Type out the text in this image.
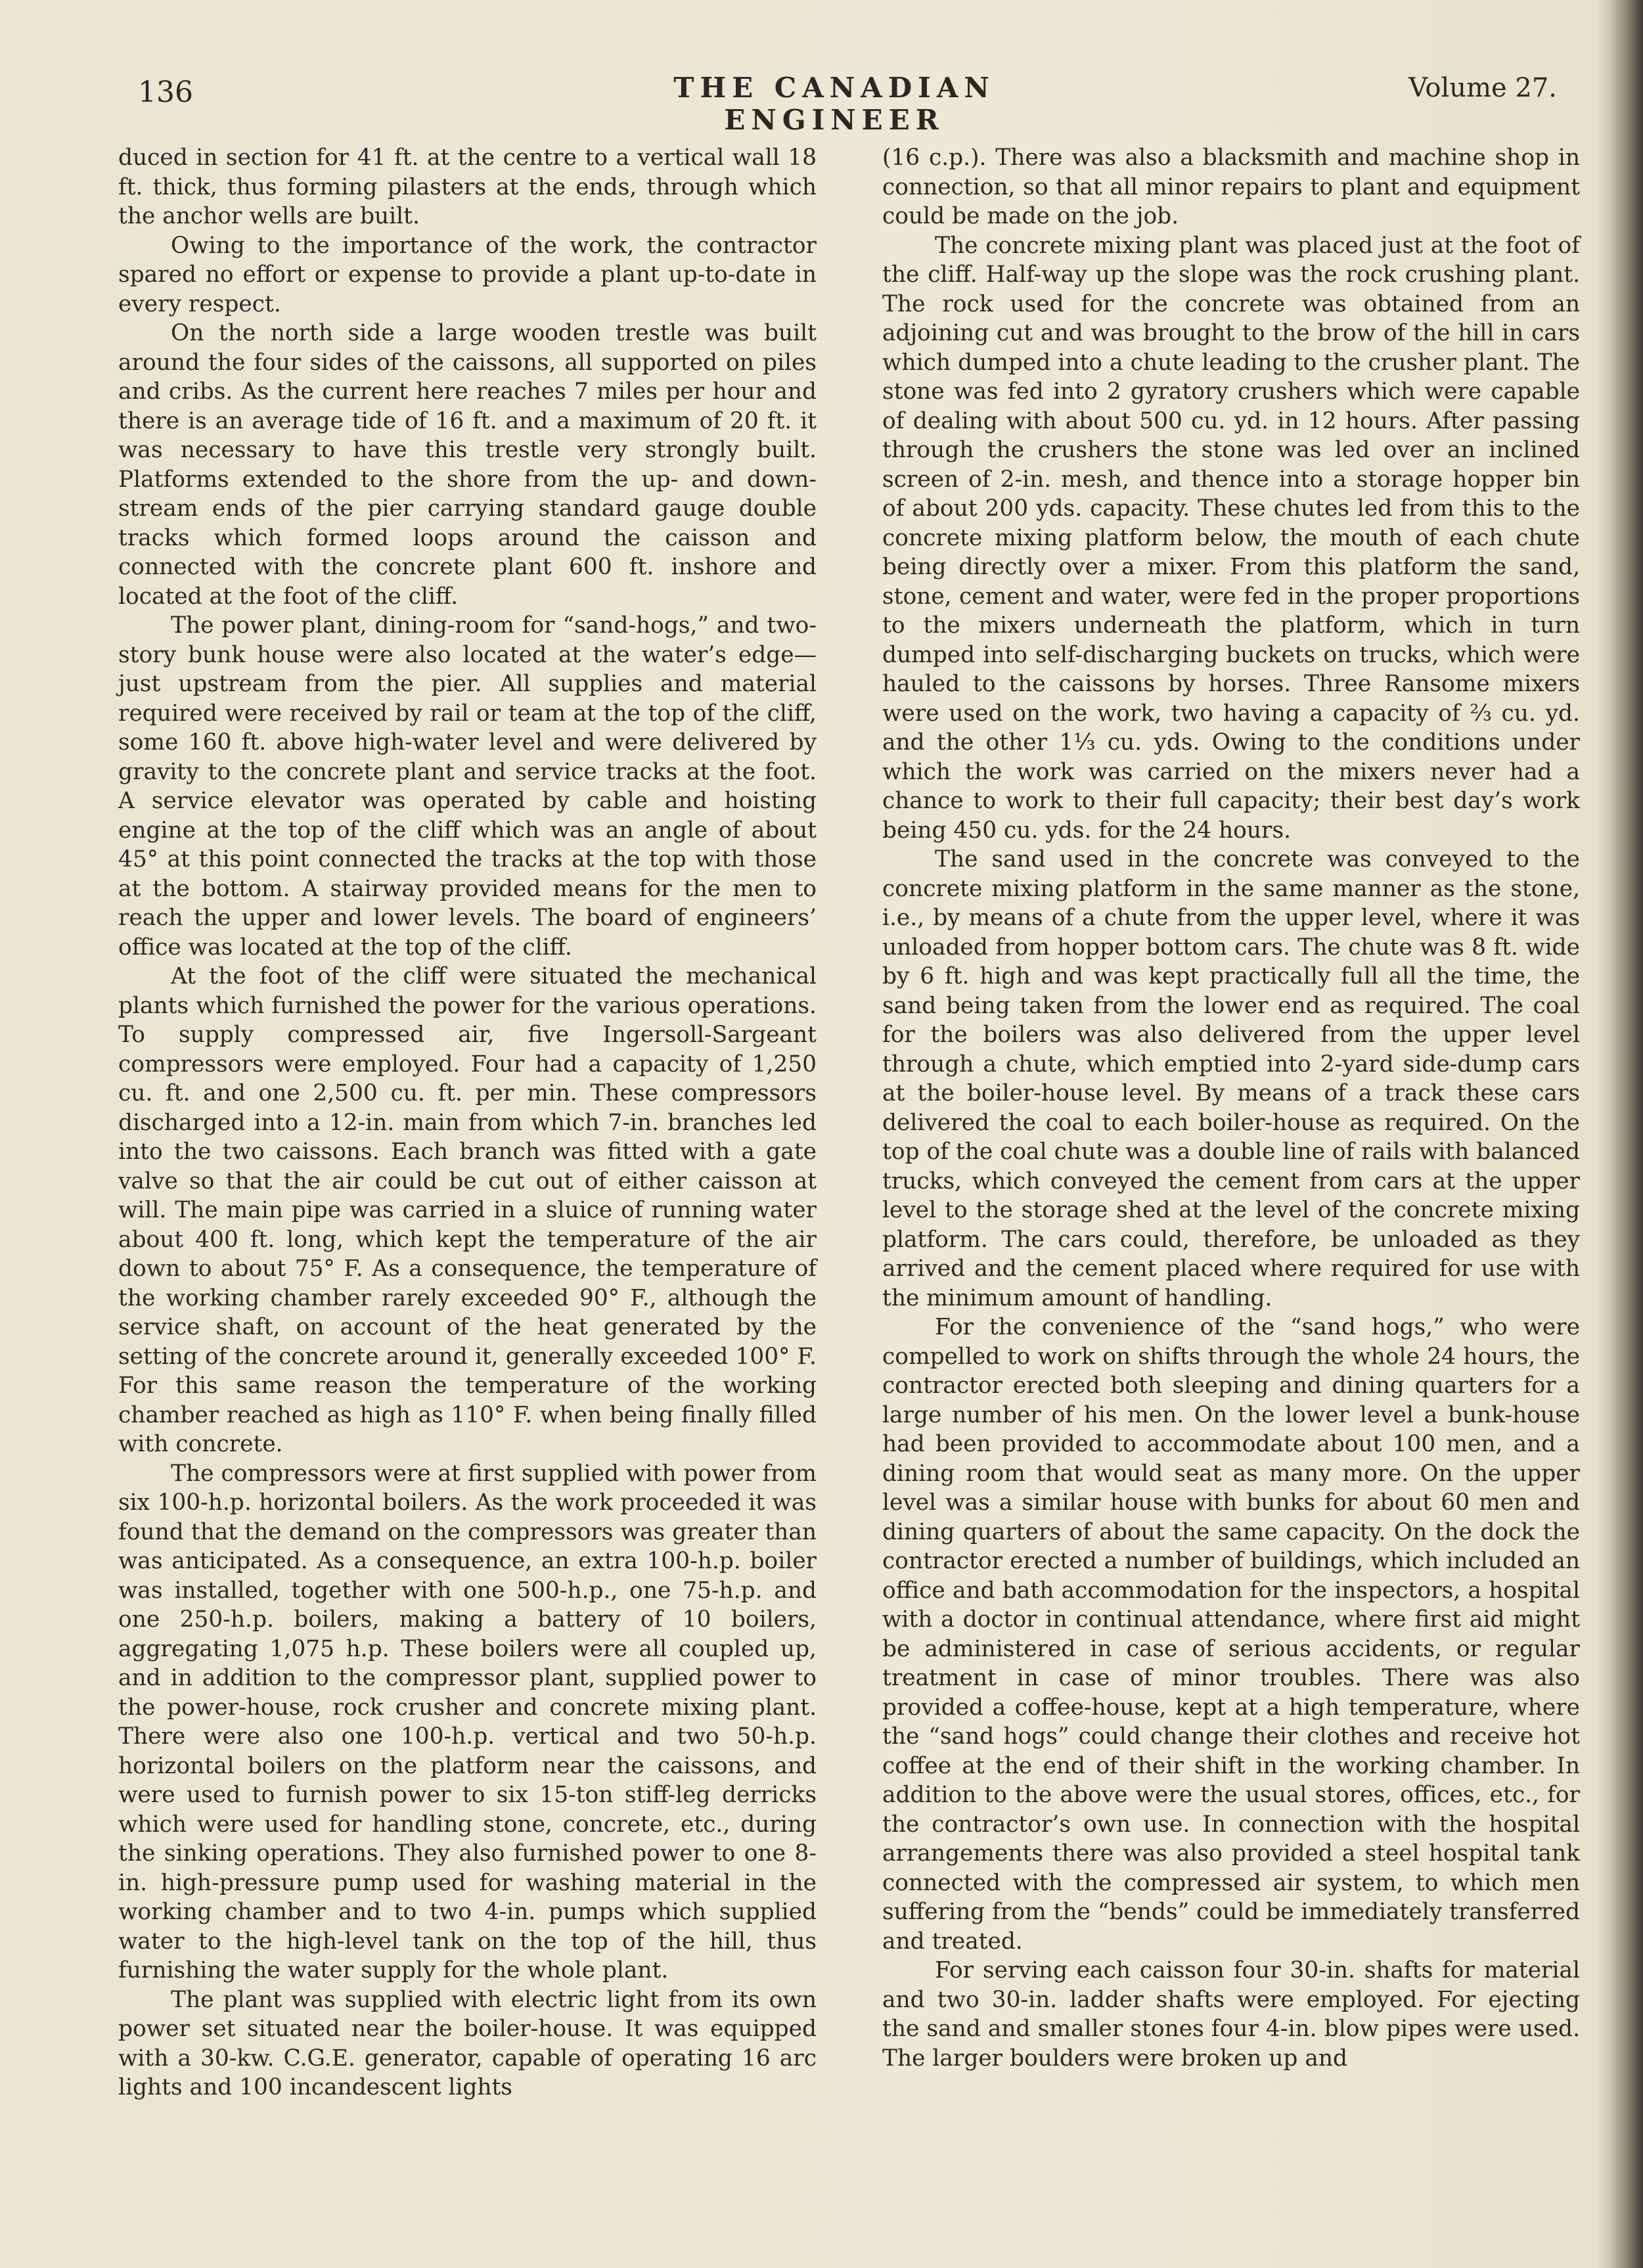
136	THE CANADIAN ENGINEER
Volume 27.

duced in section for 41 ft. at the centre to a vertical wall 18 ft. thick, thus forming pilasters at the ends, through which the anchor wells are built.

Owing to the importance of the work, the contractor spared no effort or expense to provide a plant up-to-date in every respect.

On the north side a large wooden trestle was built around the four sides of the caissons, all supported on piles and cribs. As the current here reaches 7 miles per hour and there is an average tide of 16 ft. and a maximum of 20 ft. it was necessary to have this trestle very strongly built. Platforms extended to the shore from the up- and down-stream ends of the pier carrying standard gauge double tracks which formed loops around the caisson and connected with the concrete plant 600 ft. inshore and located at the foot of the cliff.

The power plant, dining-room for “sand-hogs,” and two-story bunk house were also located at the water’s edge—just upstream from the pier. All supplies and material required were received by rail or team at the top of the cliff, some 160 ft. above high-water level and were delivered by gravity to the concrete plant and service tracks at the foot. A service elevator was operated by cable and hoisting engine at the top of the cliff which was an angle of about 45° at this point connected the tracks at the top with those at the bottom. A stairway provided means for the men to reach the upper and lower levels. The board of engineers’ office was located at the top of the cliff.

At the foot of the cliff were situated the mechanical plants which furnished the power for the various operations. To supply compressed air, five Ingersoll-Sargeant compressors were employed. Four had a capacity of 1,250 cu. ft. and one 2,500 cu. ft. per min. These compressors discharged into a 12-in. main from which 7-in. branches led into the two caissons. Each branch was fitted with a gate valve so that the air could be cut out of either caisson at will. The main pipe was carried in a sluice of running water about 400 ft. long, which kept the temperature of the air down to about 75° F. As a consequence, the temperature of the working chamber rarely exceeded 90° F., although the service shaft, on account of the heat generated by the setting of the concrete around it, generally exceeded 100° F. For this same reason the temperature of the working chamber reached as high as 110° F. when being finally filled with concrete.

The compressors were at first supplied with power from six 100-h.p. horizontal boilers. As the work proceeded it was found that the demand on the compressors was greater than was anticipated. As a consequence, an extra 100-h.p. boiler was installed, together with one 500-h.p., one 75-h.p. and one 250-h.p. boilers, making a battery of 10 boilers, aggregating 1,075 h.p. These boilers were all coupled up, and in addition to the compressor plant, supplied power to the power-house, rock crusher and concrete mixing plant. There were also one 100-h.p. vertical and two 50-h.p. horizontal boilers on the platform near the caissons, and were used to furnish power to six 15-ton stiff-leg derricks which were used for handling stone, concrete, etc., during the sinking operations. They also furnished power to one 8-in. high-pressure pump used for washing material in the working chamber and to two 4-in. pumps which supplied water to the high-level tank on the top of the hill, thus furnishing the water supply for the whole plant.

The plant was supplied with electric light from its own power set situated near the boiler-house. It was equipped with a 30-kw. C.G.E. generator, capable of operating 16 arc lights and 100 incandescent lights

(16 c.p.). There was also a blacksmith and machine shop in connection, so that all minor repairs to plant and equipment could be made on the job.

The concrete mixing plant was placed just at the foot of the cliff. Half-way up the slope was the rock crushing plant. The rock used for the concrete was obtained from an adjoining cut and was brought to the brow of the hill in cars which dumped into a chute leading to the crusher plant. The stone was fed into 2 gyratory crushers which were capable of dealing with about 500 cu. yd. in 12 hours. After passing through the crushers the stone was led over an inclined screen of 2-in. mesh, and thence into a storage hopper bin of about 200 yds. capacity. These chutes led from this to the concrete mixing platform below, the mouth of each chute being directly over a mixer. From this platform the sand, stone, cement and water, were fed in the proper proportions to the mixers underneath the platform, which in turn dumped into self-discharging buckets on trucks, which were hauled to the caissons by horses. Three Ransome mixers were used on the work, two having a capacity of ⅔ cu. yd. and the other 1⅓ cu. yds. Owing to the conditions under which the work was carried on the mixers never had a chance to work to their full capacity; their best day’s work being 450 cu. yds. for the 24 hours.

The sand used in the concrete was conveyed to the concrete mixing platform in the same manner as the stone, i.e., by means of a chute from the upper level, where it was unloaded from hopper bottom cars. The chute was 8 ft. wide by 6 ft. high and was kept practically full all the time, the sand being taken from the lower end as required. The coal for the boilers was also delivered from the upper level through a chute, which emptied into 2-yard side-dump cars at the boiler-house level. By means of a track these cars delivered the coal to each boiler-house as required. On the top of the coal chute was a double line of rails with balanced trucks, which conveyed the cement from cars at the upper level to the storage shed at the level of the concrete mixing platform. The cars could, therefore, be unloaded as they arrived and the cement placed where required for use with the minimum amount of handling.

For the convenience of the “sand hogs,” who were compelled to work on shifts through the whole 24 hours, the contractor erected both sleeping and dining quarters for a large number of his men. On the lower level a bunk-house had been provided to accommodate about 100 men, and a dining room that would seat as many more. On the upper level was a similar house with bunks for about 60 men and dining quarters of about the same capacity. On the dock the contractor erected a number of buildings, which included an office and bath accommodation for the inspectors, a hospital with a doctor in continual attendance, where first aid might be administered in case of serious accidents, or regular treatment in case of minor troubles. There was also provided a coffee-house, kept at a high temperature, where the “sand hogs” could change their clothes and receive hot coffee at the end of their shift in the working chamber. In addition to the above were the usual stores, offices, etc., for the contractor’s own use. In connection with the hospital arrangements there was also provided a steel hospital tank connected with the compressed air system, to which men suffering from the “bends” could be immediately transferred and treated.

For serving each caisson four 30-in. shafts for material and two 30-in. ladder shafts were employed. For ejecting the sand and smaller stones four 4-in. blow pipes were used. The larger boulders were broken up and
